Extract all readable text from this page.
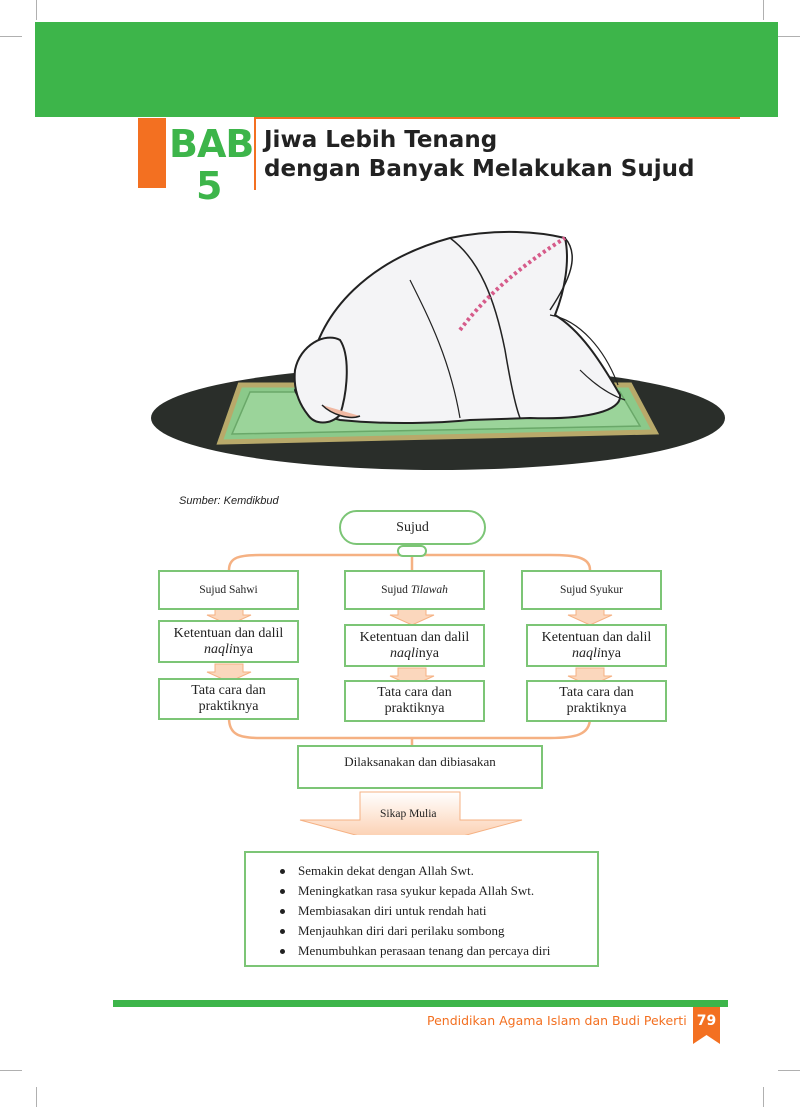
BAB
5
Jiwa Lebih Tenang
dengan Banyak Melakukan Sujud
Sumber: Kemdikbud
Sujud
Sujud Sahwi
Ketentuan dan dalil
naqlinya
Tata cara dan
praktiknya
Sujud Tilawah
Ketentuan dan dalil
naqlinya
Tata cara dan
praktiknya
Sujud Syukur
Ketentuan dan dalil
naqlinya
Tata cara dan
praktiknya
Dilaksanakan dan dibiasakan
Sikap Mulia
Semakin dekat dengan Allah Swt.
Meningkatkan rasa syukur kepada Allah Swt.
Membiasakan diri untuk rendah hati
Menjauhkan diri dari perilaku sombong
Menumbuhkan perasaan tenang dan percaya diri
Pendidikan Agama Islam dan Budi Pekerti 79
